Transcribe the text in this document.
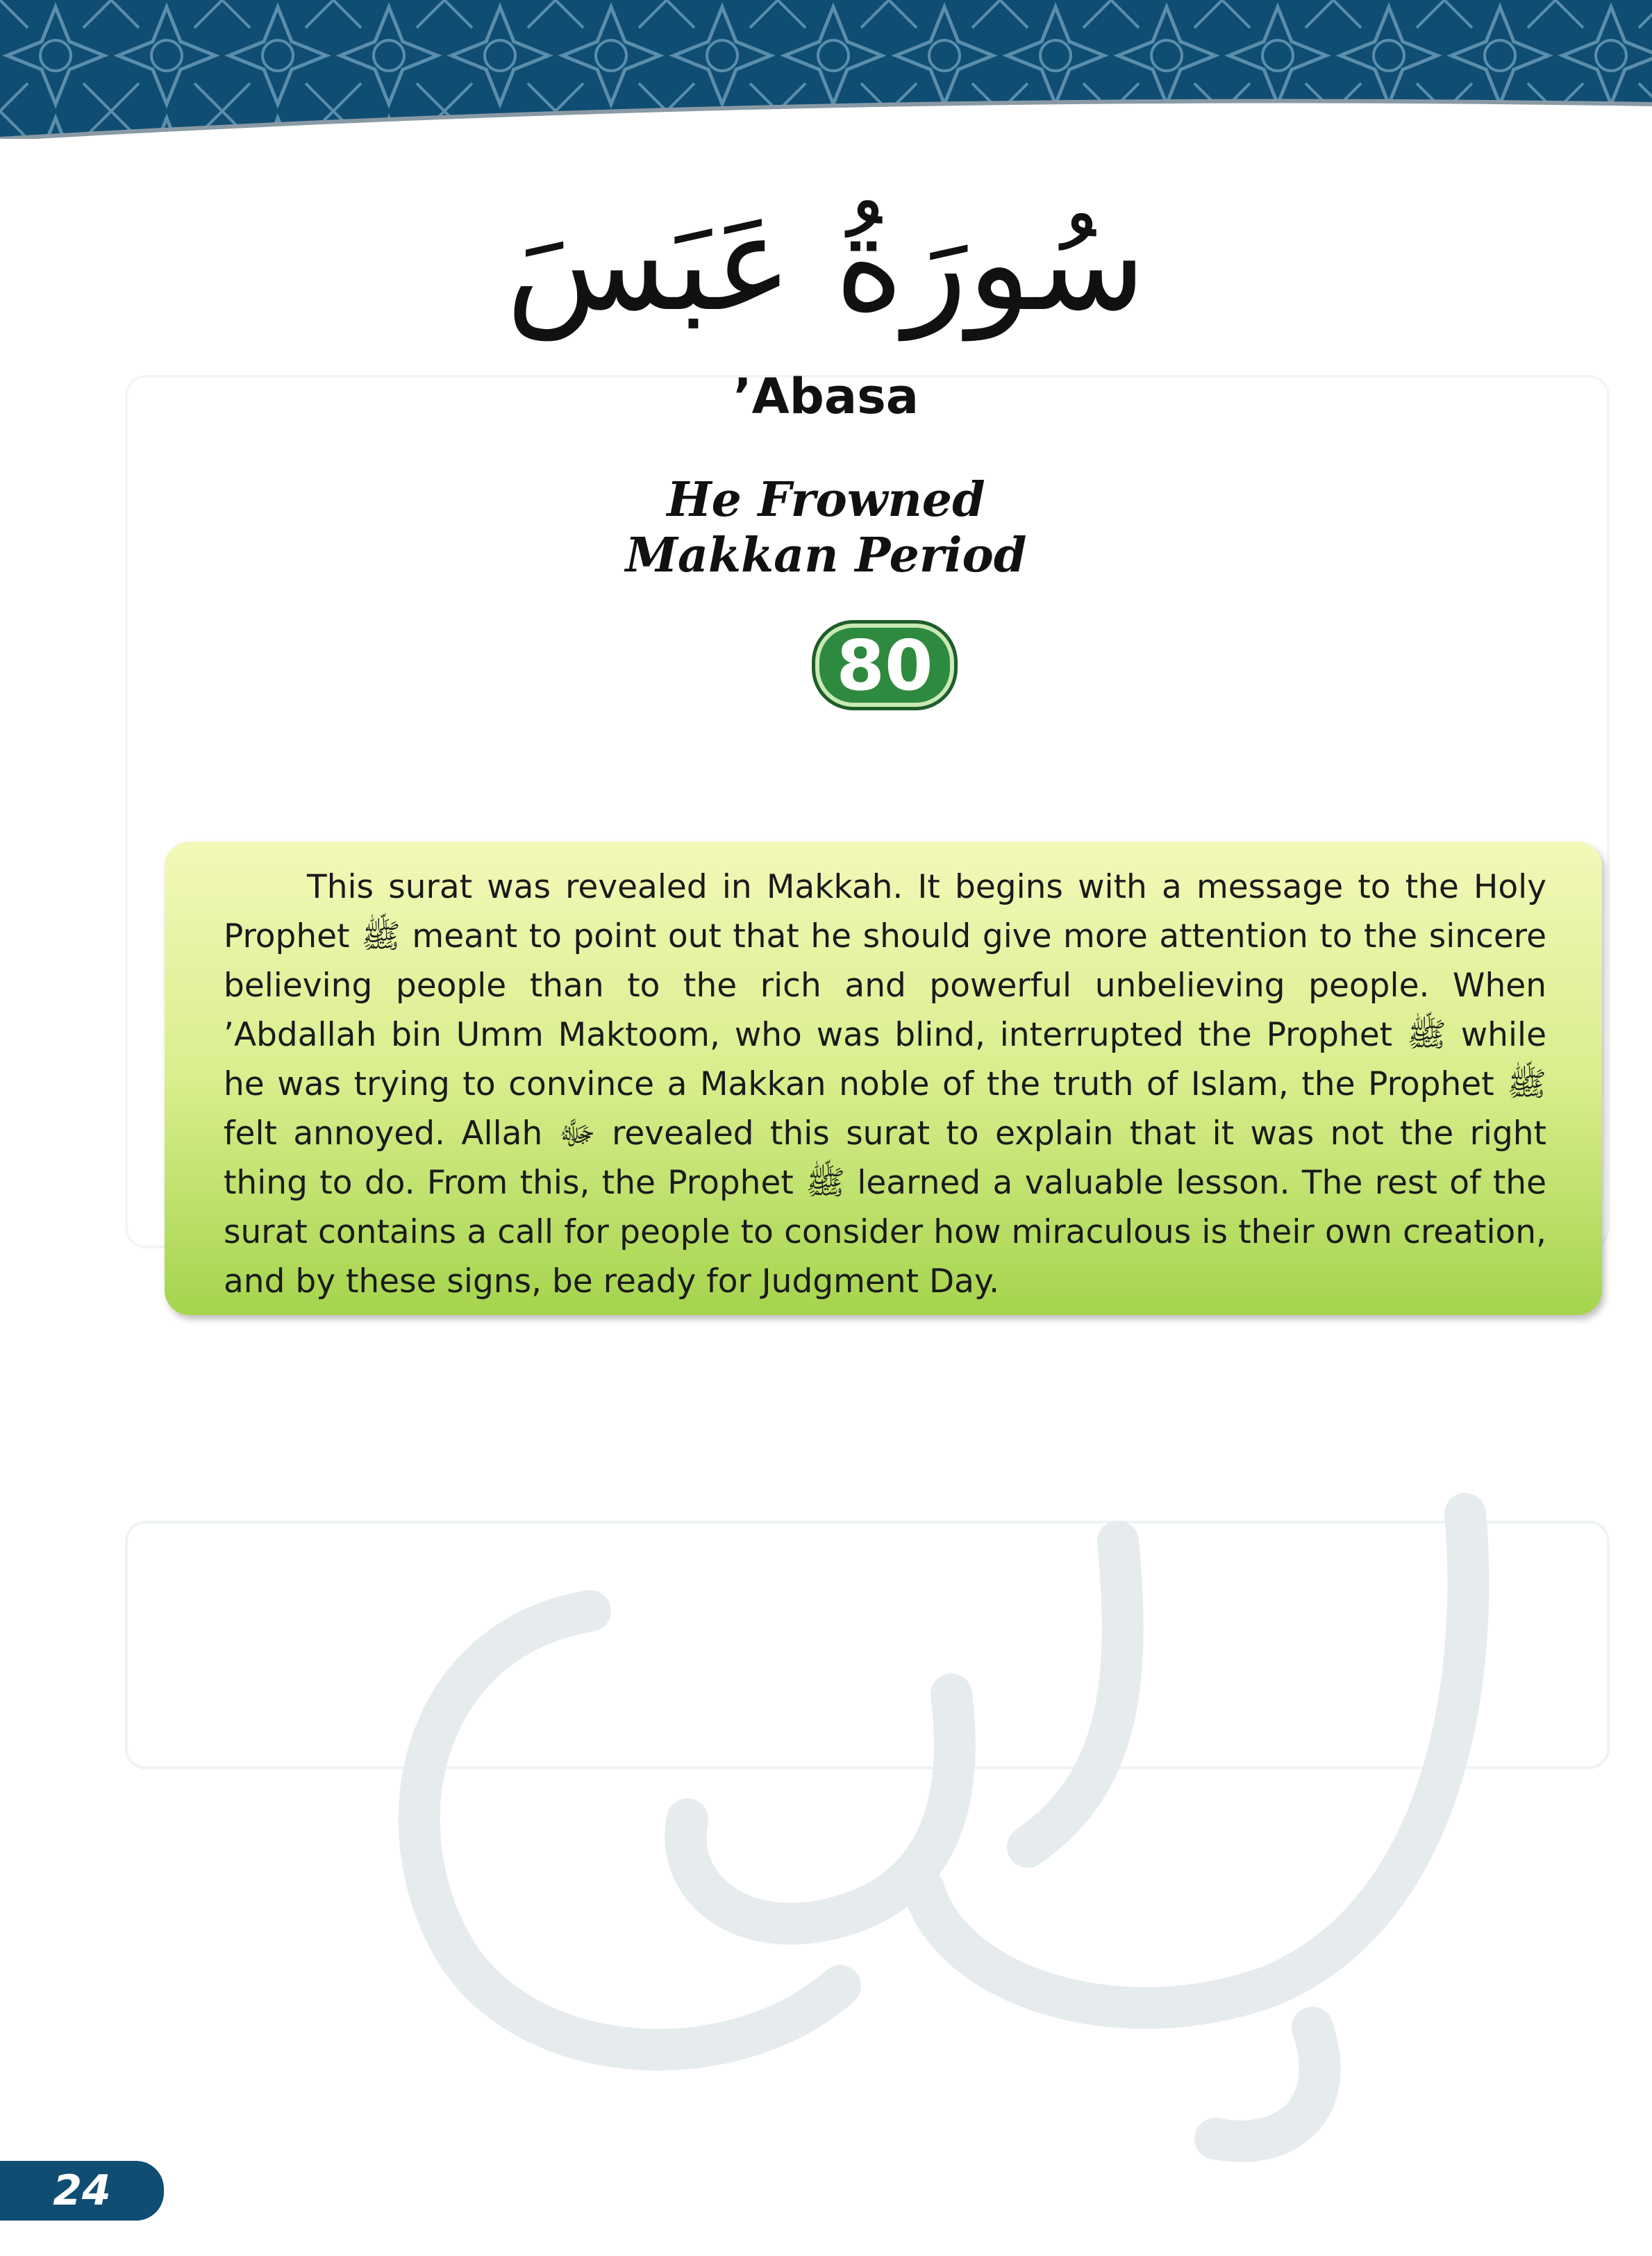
سُورَةُ عَبَسَ
’Abasa
He Frowned
Makkan Period
80
This surat was revealed in Makkah. It begins with a message to the Holy Prophet ﷺ meant to point out that he should give more attention to the sincere believing people than to the rich and powerful unbelieving people. When ’Abdallah bin Umm Maktoom, who was blind, interrupted the Prophet ﷺ while he was trying to convince a Makkan noble of the truth of Islam, the Prophet ﷺ felt annoyed. Allah ﷻ revealed this surat to explain that it was not the right thing to do. From this, the Prophet ﷺ learned a valuable lesson. The rest of the surat contains a call for people to consider how miraculous is their own creation, and by these signs, be ready for Judgment Day.
24
